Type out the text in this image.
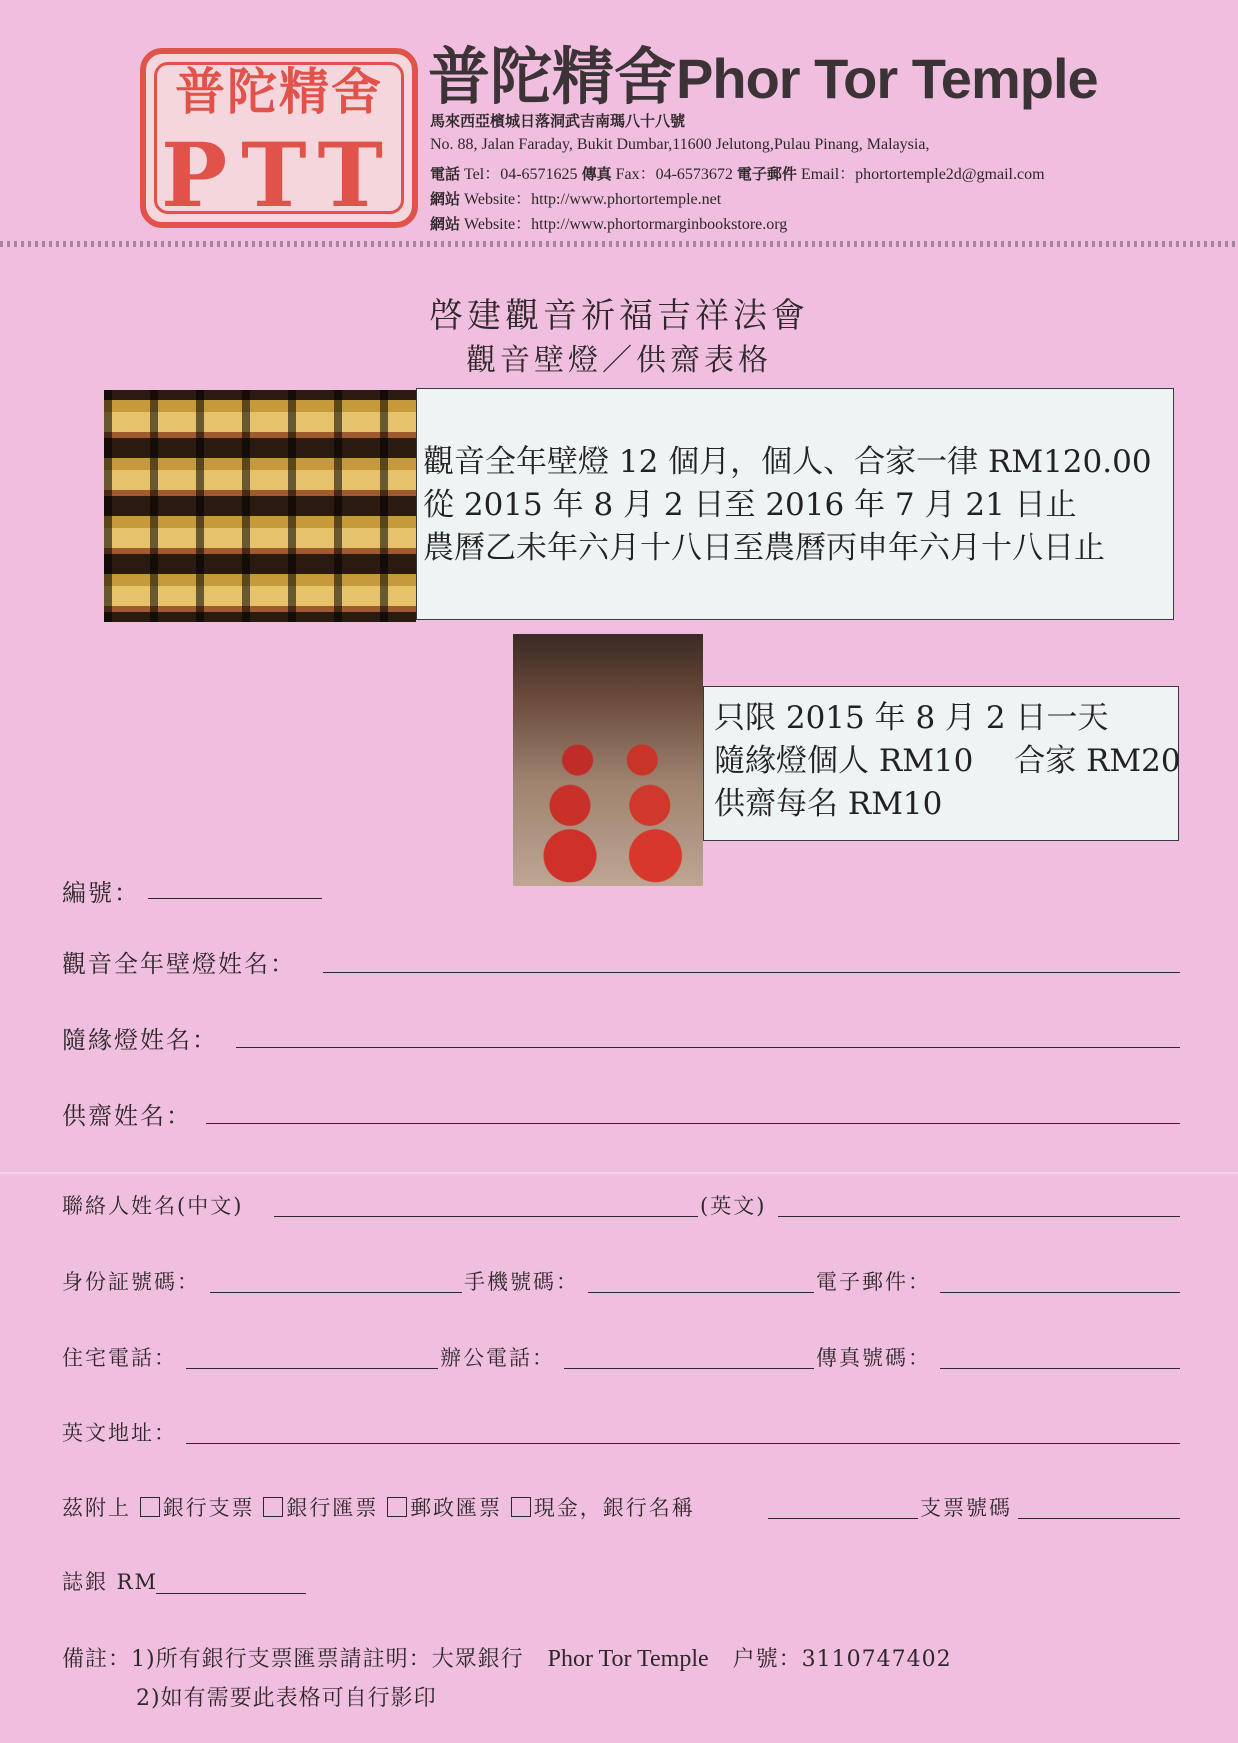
普陀精舍
PTT
普陀精舍Phor Tor Temple
馬來西亞檳城日落洞武吉南瑪八十八號
No. 88, Jalan Faraday, Bukit Dumbar,11600 Jelutong,Pulau Pinang, Malaysia,
電話 Tel：04-6571625 傳真 Fax：04-6573672 電子郵件 Email：phortortemple2d@gmail.com
網站 Website：http://www.phortortemple.net
網站 Website：http://www.phortormarginbookstore.org
啓建觀音祈福吉祥法會
觀音壁燈／供齋表格
觀音全年壁燈 12 個月，個人、合家一律 RM120.00
從 2015 年 8 月 2 日至 2016 年 7 月 21 日止
農曆乙未年六月十八日至農曆丙申年六月十八日止
只限 2015 年 8 月 2 日一天
隨緣燈個人 RM10　 合家 RM20
供齋每名 RM10
編號：
觀音全年壁燈姓名：
隨緣燈姓名：
供齋姓名：
聯絡人姓名(中文)	(英文)
身份証號碼：	手機號碼：	電子郵件：
住宅電話：	辦公電話：	傳真號碼：
英文地址：
茲附上 銀行支票 銀行匯票 郵政匯票 現金，銀行名稱	支票號碼
誌銀 RM
備註：1)所有銀行支票匯票請註明：大眾銀行 Phor Tor Temple 户號：3110747402
2)如有需要此表格可自行影印
